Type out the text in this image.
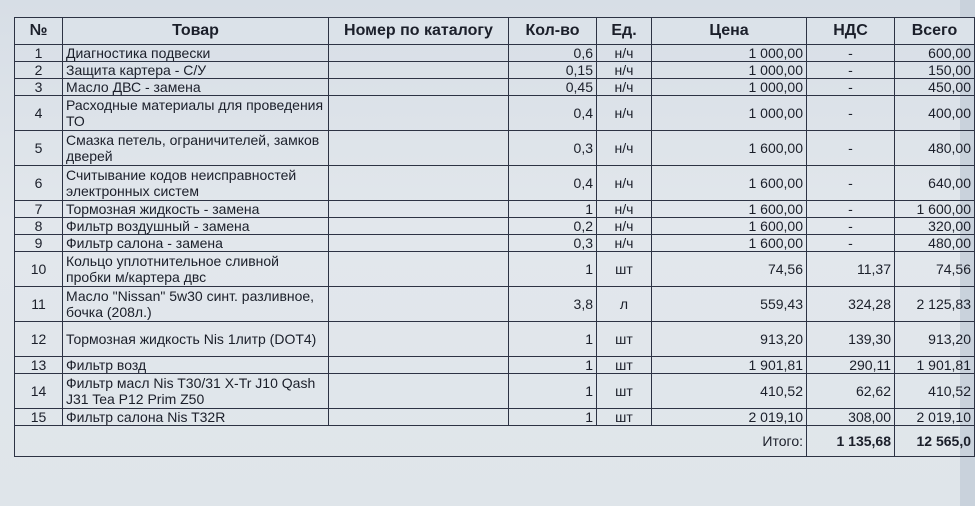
№	Товар	Номер по каталогу	Кол-во	Ед.	Цена	НДС	Всего
1	Диагностика подвески		0,6	н/ч	1 000,00	-	600,00
2	Защита картера - С/У		0,15	н/ч	1 000,00	-	150,00
3	Масло ДВС - замена		0,45	н/ч	1 000,00	-	450,00
4	Расходные материалы для проведения ТО		0,4	н/ч	1 000,00	-	400,00
5	Смазка петель, ограничителей, замков дверей		0,3	н/ч	1 600,00	-	480,00
6	Считывание кодов неисправностей электронных систем		0,4	н/ч	1 600,00	-	640,00
7	Тормозная жидкость - замена		1	н/ч	1 600,00	-	1 600,00
8	Фильтр воздушный - замена		0,2	н/ч	1 600,00	-	320,00
9	Фильтр салона - замена		0,3	н/ч	1 600,00	-	480,00
10	Кольцо уплотнительное сливной пробки м/картера двс		1	шт	74,56	11,37	74,56
11	Масло "Nissan" 5w30 синт. разливное, бочка (208л.)		3,8	л	559,43	324,28	2 125,83
12	Тормозная жидкость Nis 1литр (DOT4)		1	шт	913,20	139,30	913,20
13	Фильтр возд		1	шт	1 901,81	290,11	1 901,81
14	Фильтр масл Nis T30/31 X-Tr J10 Qash J31 Tea P12 Prim Z50		1	шт	410,52	62,62	410,52
15	Фильтр салона Nis T32R		1	шт	2 019,10	308,00	2 019,10
Итого:						1 135,68	12 565,0
